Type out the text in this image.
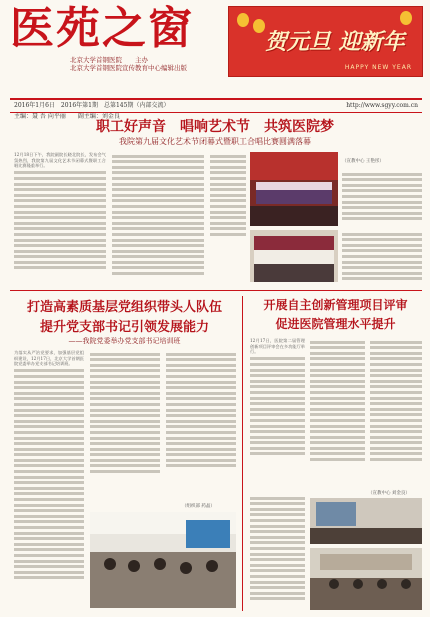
医苑之窗
北京大学首钢医院　　主办
北京大学首钢医院宣传教育中心编辑出版
贺元旦 迎新年
HAPPY NEW YEAR
2016年1月6日　2016年第1期　总第145期（内部交流）	http://www.sgyy.com.cn
主编：聂 吾 向平丽　　副主编：刘金良
职工好声音　唱响艺术节　共筑医院梦
我院第九届文化艺术节闭幕式暨职工合唱比赛圆满落幕
12月18日下午，我院副院长晓北院长，发布会气氛热烈，我院第九届文化艺术节闭幕式暨职工合唱比赛隆重举行。
（宣教中心 王艳彤）
打造高素质基层党组织带头人队伍
提升党支部书记引领发展能力
——我院党委举办党支部书记培训班
为落实从严治党要求，加强基层党组织建设，12月17日，北京大学首钢医院党委举办党支部书记培训班。
（组织部 药晶）
开展自主创新管理项目评审
促进医院管理水平提升
12月17日，医院第二届管理创新项目评审会在多功能厅举行。
（宣教中心 刘金良）
